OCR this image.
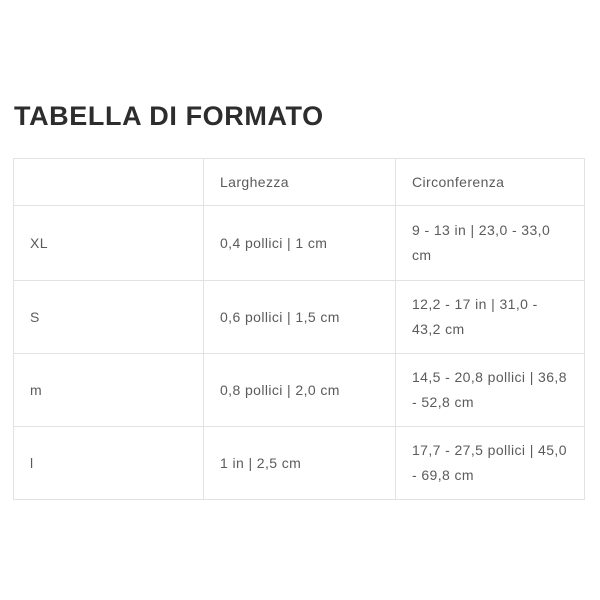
TABELLA DI FORMATO
	Larghezza	Circonferenza
XL	0,4 pollici | 1 cm	9 - 13 in | 23,0 - 33,0 cm
S	0,6 pollici | 1,5 cm	12,2 - 17 in | 31,0 - 43,2 cm
m	0,8 pollici | 2,0 cm	14,5 - 20,8 pollici | 36,8 - 52,8 cm
l	1 in | 2,5 cm	17,7 - 27,5 pollici | 45,0 - 69,8 cm
